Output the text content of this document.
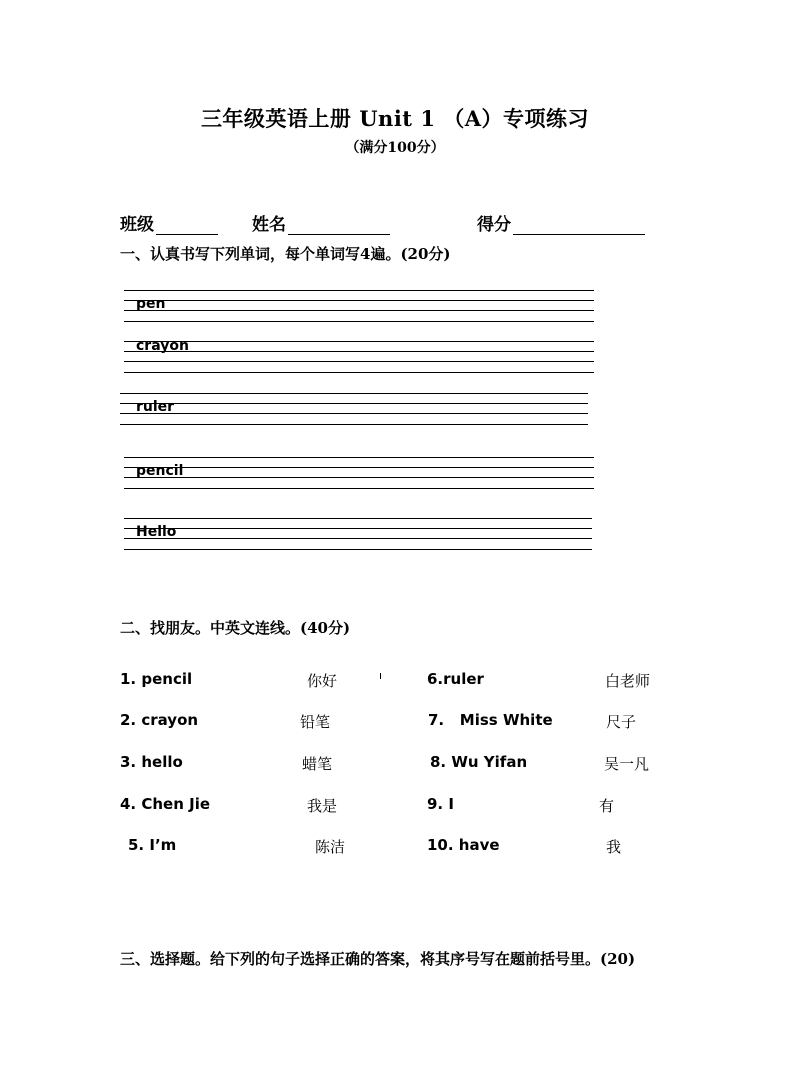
三年级英语上册 Unit 1 （A）专项练习
（满分100分）
班级	姓名	得分
一、认真书写下列单词，每个单词写4遍。(20分)
pen
crayon
ruler
pencil
Hello
二、找朋友。中英文连线。(40分)
1. pencil	你好	6.ruler	白老师
2. crayon	铅笔	7.   Miss White	尺子
3. hello	蜡笔	8. Wu Yifan	吴一凡
4. Chen Jie	我是	9. I	有
5. I’m	陈洁	10. have	我
三、选择题。给下列的句子选择正确的答案，将其序号写在题前括号里。(20)
